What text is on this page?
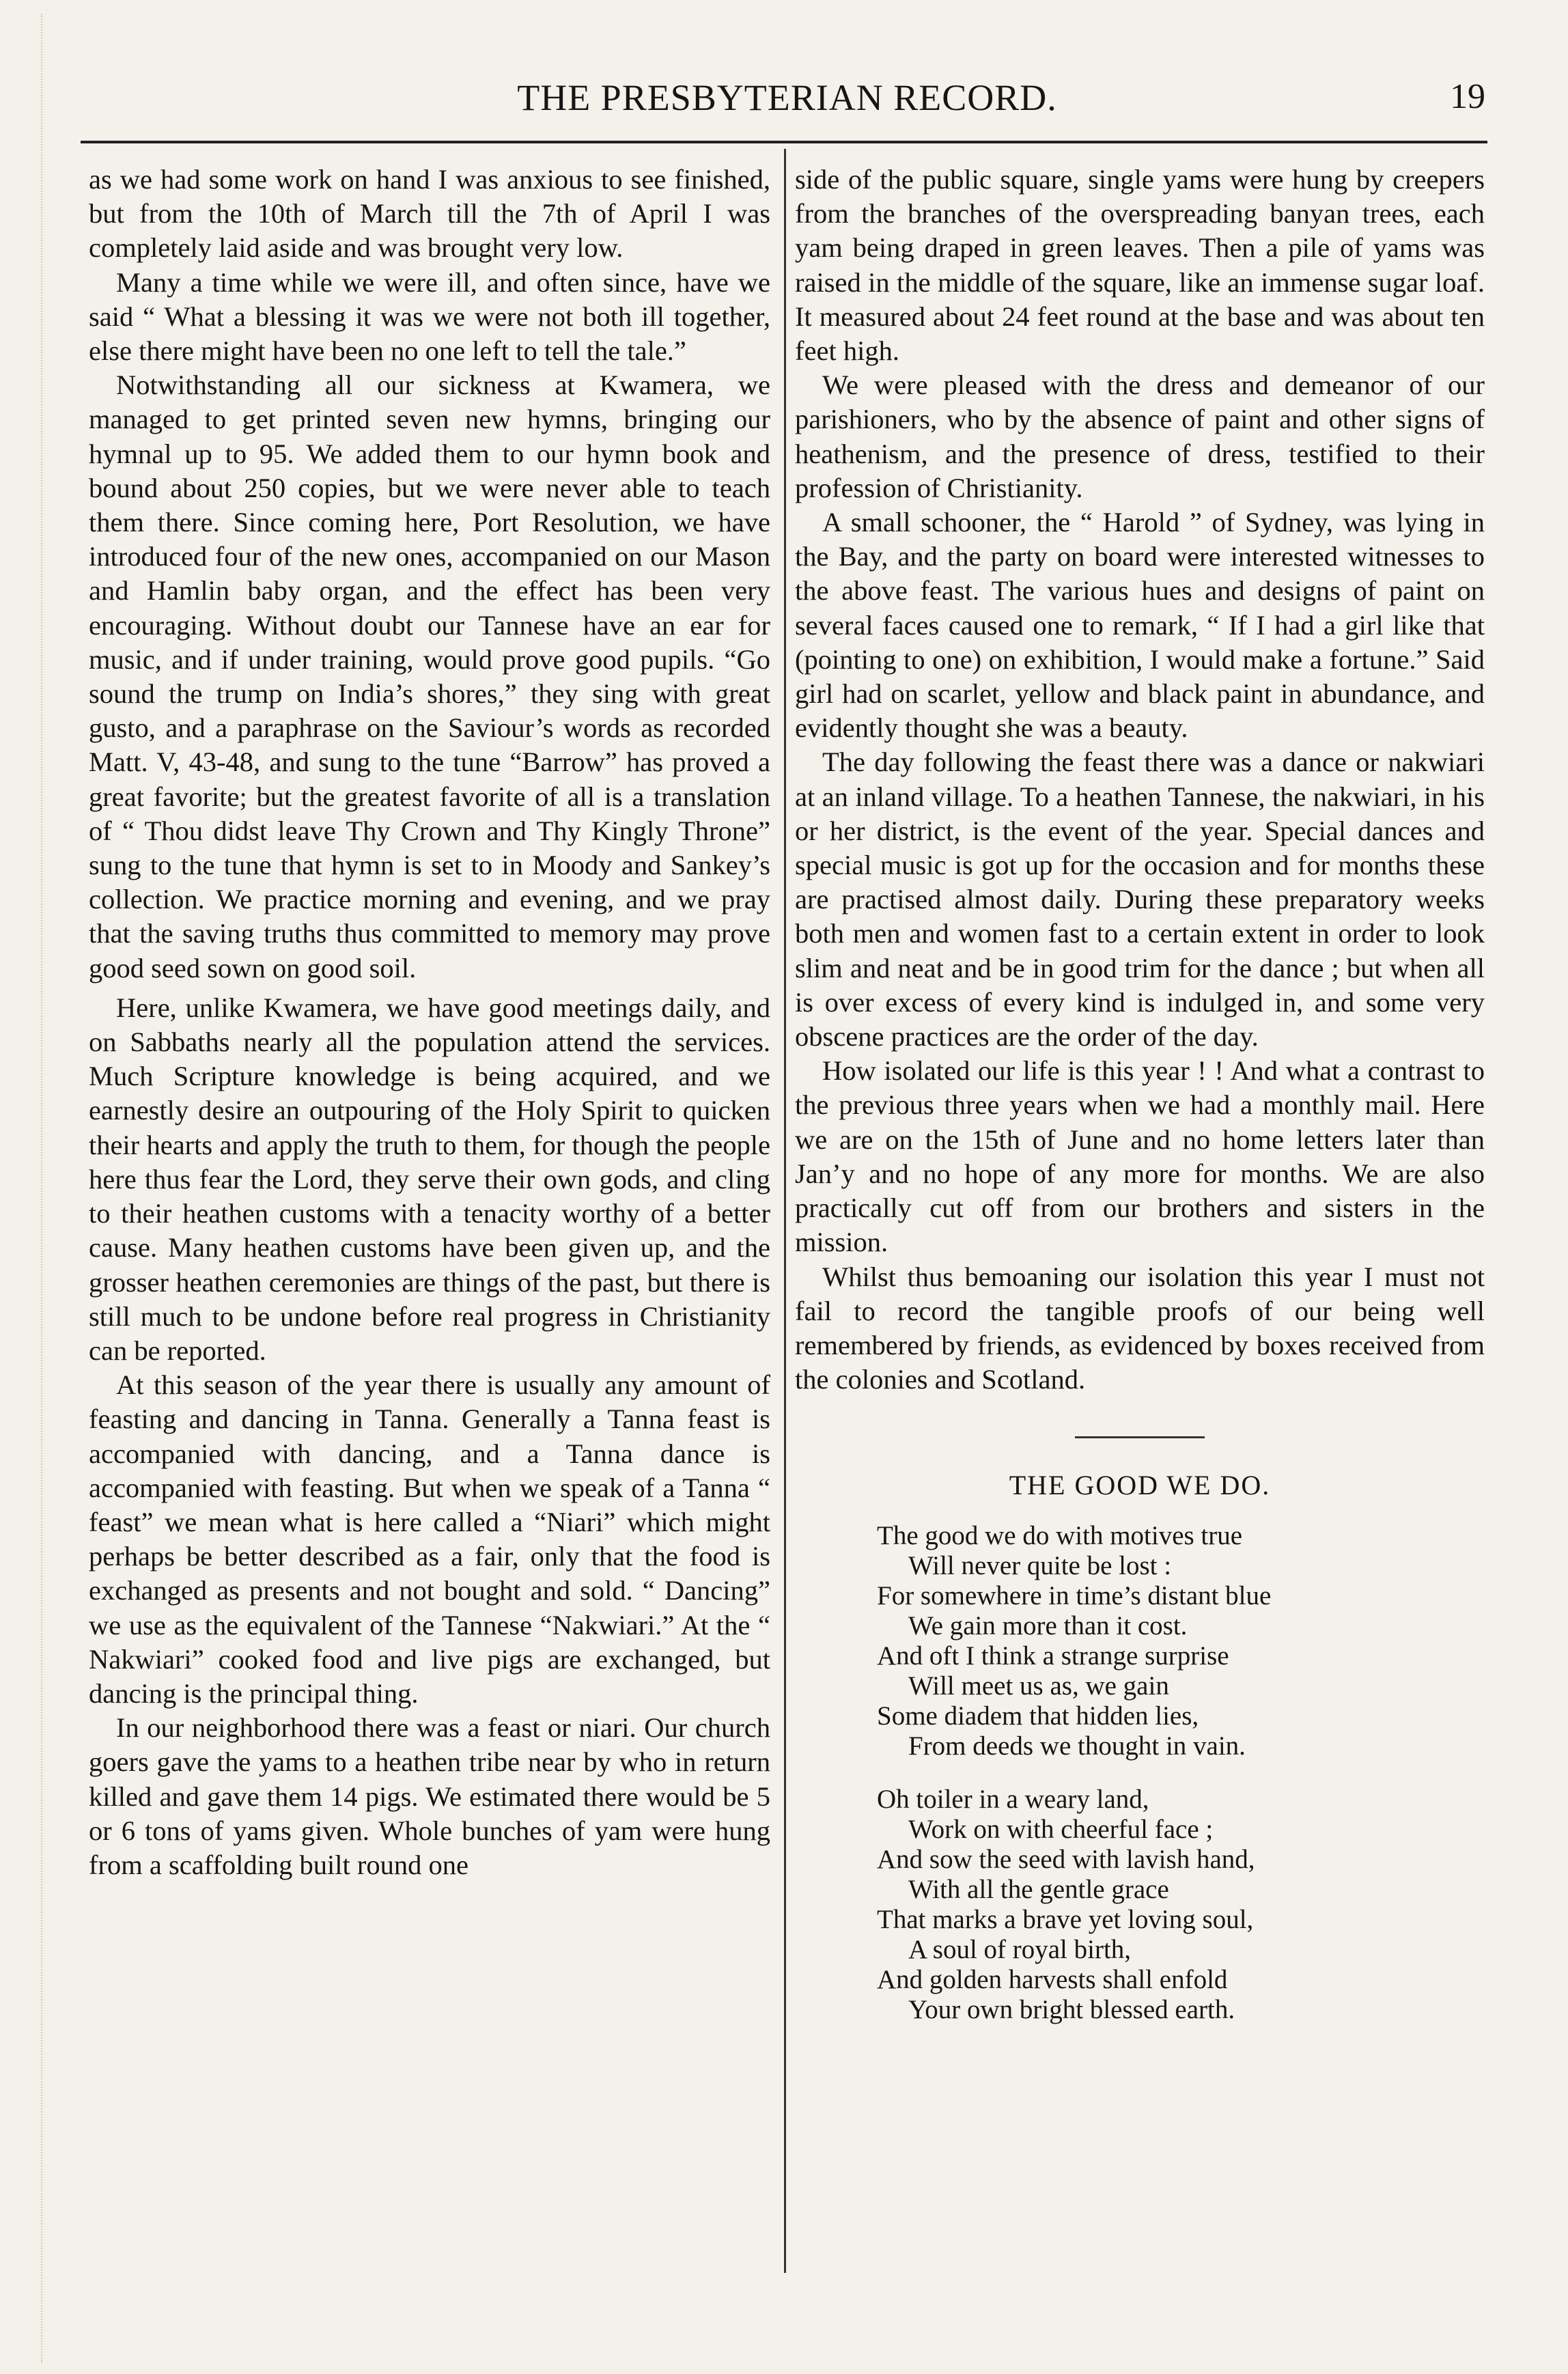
THE PRESBYTERIAN RECORD.	19

as we had some work on hand I was anxious to see finished, but from the 10th of March till the 7th of April I was completely laid aside and was brought very low.

Many a time while we were ill, and often since, have we said “ What a blessing it was we were not both ill together, else there might have been no one left to tell the tale.”

Notwithstanding all our sickness at Kwamera, we managed to get printed seven new hymns, bringing our hymnal up to 95. We added them to our hymn book and bound about 250 copies, but we were never able to teach them there. Since coming here, Port Resolution, we have introduced four of the new ones, accompanied on our Mason and Hamlin baby organ, and the effect has been very encouraging. Without doubt our Tannese have an ear for music, and if under training, would prove good pupils. “Go sound the trump on India’s shores,” they sing with great gusto, and a paraphrase on the Saviour’s words as recorded Matt. V, 43-48, and sung to the tune “Barrow” has proved a great favorite; but the greatest favorite of all is a translation of “ Thou didst leave Thy Crown and Thy Kingly Throne” sung to the tune that hymn is set to in Moody and Sankey’s collection. We practice morning and evening, and we pray that the saving truths thus committed to memory may prove good seed sown on good soil.

Here, unlike Kwamera, we have good meetings daily, and on Sabbaths nearly all the population attend the services. Much Scripture knowledge is being acquired, and we earnestly desire an outpouring of the Holy Spirit to quicken their hearts and apply the truth to them, for though the people here thus fear the Lord, they serve their own gods, and cling to their heathen customs with a tenacity worthy of a better cause. Many heathen customs have been given up, and the grosser heathen ceremonies are things of the past, but there is still much to be undone before real progress in Christianity can be reported.

At this season of the year there is usually any amount of feasting and dancing in Tanna. Generally a Tanna feast is accompanied with dancing, and a Tanna dance is accompanied with feasting. But when we speak of a Tanna “ feast” we mean what is here called a “Niari” which might perhaps be better described as a fair, only that the food is exchanged as presents and not bought and sold. “ Dancing” we use as the equivalent of the Tannese “Nakwiari.” At the “ Nakwiari” cooked food and live pigs are exchanged, but dancing is the principal thing.

In our neighborhood there was a feast or niari. Our church goers gave the yams to a heathen tribe near by who in return killed and gave them 14 pigs. We estimated there would be 5 or 6 tons of yams given. Whole bunches of yam were hung from a scaffolding built round one

side of the public square, single yams were hung by creepers from the branches of the overspreading banyan trees, each yam being draped in green leaves. Then a pile of yams was raised in the middle of the square, like an immense sugar loaf. It measured about 24 feet round at the base and was about ten feet high.

We were pleased with the dress and demeanor of our parishioners, who by the absence of paint and other signs of heathenism, and the presence of dress, testified to their profession of Christianity.

A small schooner, the “ Harold ” of Sydney, was lying in the Bay, and the party on board were interested witnesses to the above feast. The various hues and designs of paint on several faces caused one to remark, “ If I had a girl like that (pointing to one) on exhibition, I would make a fortune.” Said girl had on scarlet, yellow and black paint in abundance, and evidently thought she was a beauty.

The day following the feast there was a dance or nakwiari at an inland village. To a heathen Tannese, the nakwiari, in his or her district, is the event of the year. Special dances and special music is got up for the occasion and for months these are practised almost daily. During these preparatory weeks both men and women fast to a certain extent in order to look slim and neat and be in good trim for the dance ; but when all is over excess of every kind is indulged in, and some very obscene practices are the order of the day.

How isolated our life is this year ! ! And what a contrast to the previous three years when we had a monthly mail. Here we are on the 15th of June and no home letters later than Jan’y and no hope of any more for months. We are also practically cut off from our brothers and sisters in the mission.

Whilst thus bemoaning our isolation this year I must not fail to record the tangible proofs of our being well remembered by friends, as evidenced by boxes received from the colonies and Scotland.

THE GOOD WE DO.
The good we do with motives true
Will never quite be lost :
For somewhere in time’s distant blue
We gain more than it cost.
And oft I think a strange surprise
Will meet us as, we gain
Some diadem that hidden lies,
From deeds we thought in vain.
Oh toiler in a weary land,
Work on with cheerful face ;
And sow the seed with lavish hand,
With all the gentle grace
That marks a brave yet loving soul,
A soul of royal birth,
And golden harvests shall enfold
Your own bright blessed earth.
